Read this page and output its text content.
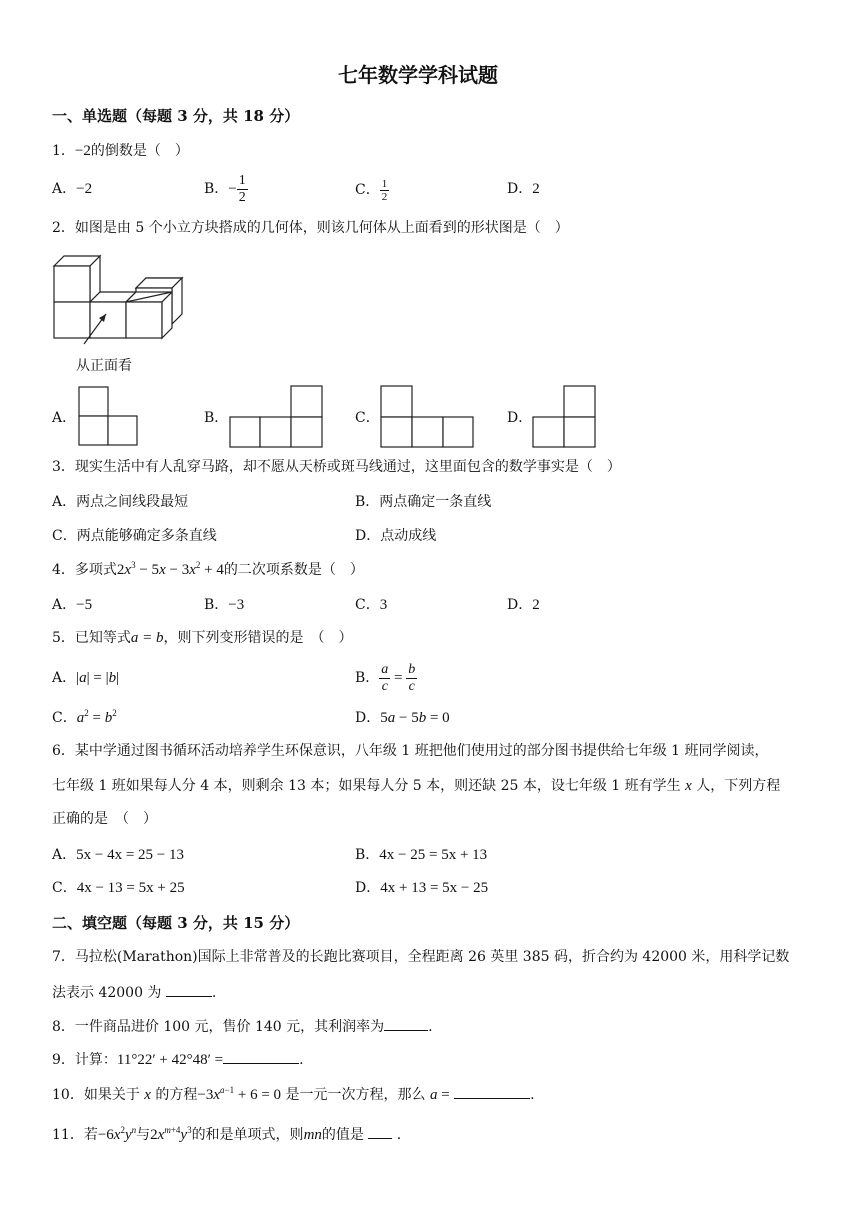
七年数学学科试题
一、单选题（每题 3 分，共 18 分）
1．−2的倒数是（　）
A．−2	B．− $\frac{1}{2}$	C． $\frac{1}{2}$	D．2
2．如图是由 5 个小立方块搭成的几何体，则该几何体从上面看到的形状图是（　）
从正面看
A．	B．	C．	D．
3．现实生活中有人乱穿马路，却不愿从天桥或斑马线通过，这里面包含的数学事实是（　）
A．两点之间线段最短	B．两点确定一条直线
C．两点能够确定多条直线	D．点动成线
4．多项式$2x^3 - 5x - 3x^2 + 4$的二次项系数是（　）
A．−5	B．−3	C．3	D．2
5．已知等式a = b，则下列变形错误的是　（　）
A．|a| = |b|	B． $\frac{a}{c} = \frac{b}{c}$
C．$a^2 = b^2$	D．5a − 5b = 0
6．某中学通过图书循环活动培养学生环保意识，八年级 1 班把他们使用过的部分图书提供给七年级 1 班同学阅读，
七年级 1 班如果每人分 4 本，则剩余 13 本；如果每人分 5 本，则还缺 25 本，设七年级 1 班有学生 x 人，下列方程
正确的是　（　）
A．5x − 4x = 25 − 13	B．4x − 25 = 5x + 13
C．4x − 13 = 5x + 25	D．4x + 13 = 5x − 25
二、填空题（每题 3 分，共 15 分）
7．马拉松(Marathon)国际上非常普及的长跑比赛项目，全程距离 26 英里 385 码，折合约为 42000 米，用科学记数
法表示 42000 为	.
8．一件商品进价 100 元，售价 140 元，其利润率为	.
9．计算：11°22′ + 42°48′ =	.
10．如果关于 x 的方程$-3x^{a-1} + 6 = 0$ 是一元一次方程，那么 a =	.
11．若$-6x^2y^n$与$2x^{m+4}y^3$的和是单项式，则mn的值是  .
